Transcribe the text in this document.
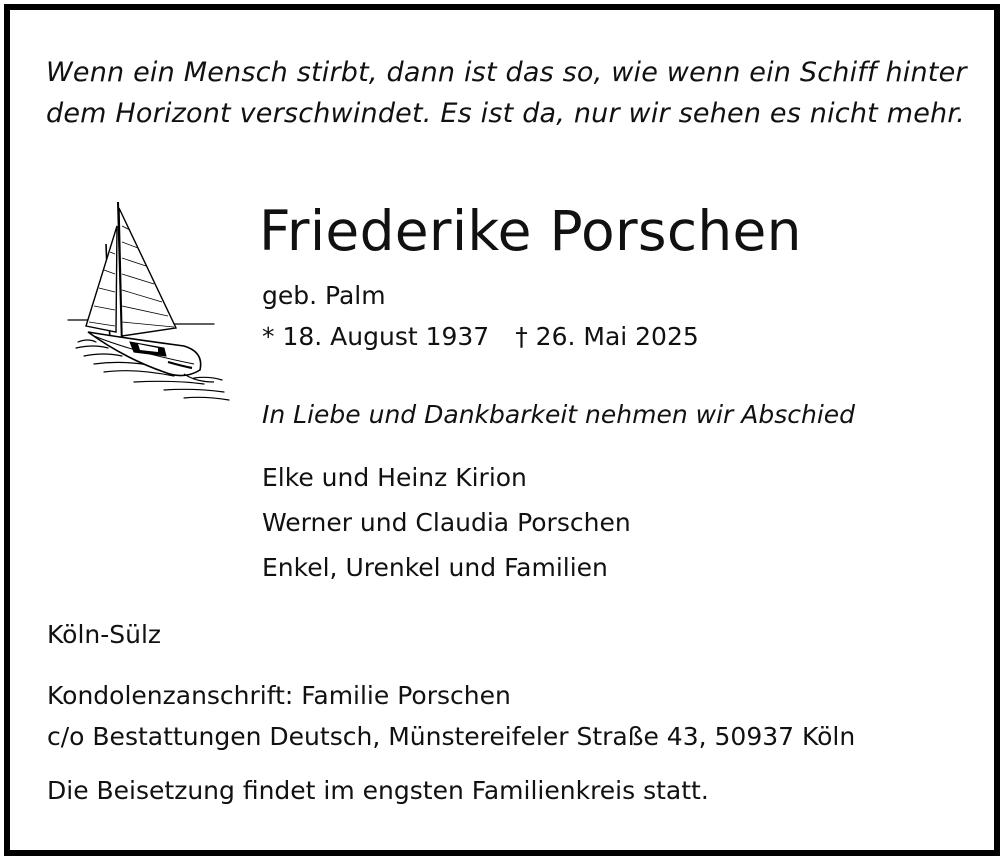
Wenn ein Mensch stirbt, dann ist das so, wie wenn ein Schiff hinter
dem Horizont verschwindet. Es ist da, nur wir sehen es nicht mehr.
Friederike Porschen
geb. Palm
* 18. August 1937 † 26. Mai 2025
In Liebe und Dankbarkeit nehmen wir Abschied
Elke und Heinz Kirion
Werner und Claudia Porschen
Enkel, Urenkel und Familien
Köln-Sülz
Kondolenzanschrift: Familie Porschen
c/o Bestattungen Deutsch, Münstereifeler Straße 43, 50937 Köln
Die Beisetzung findet im engsten Familienkreis statt.
